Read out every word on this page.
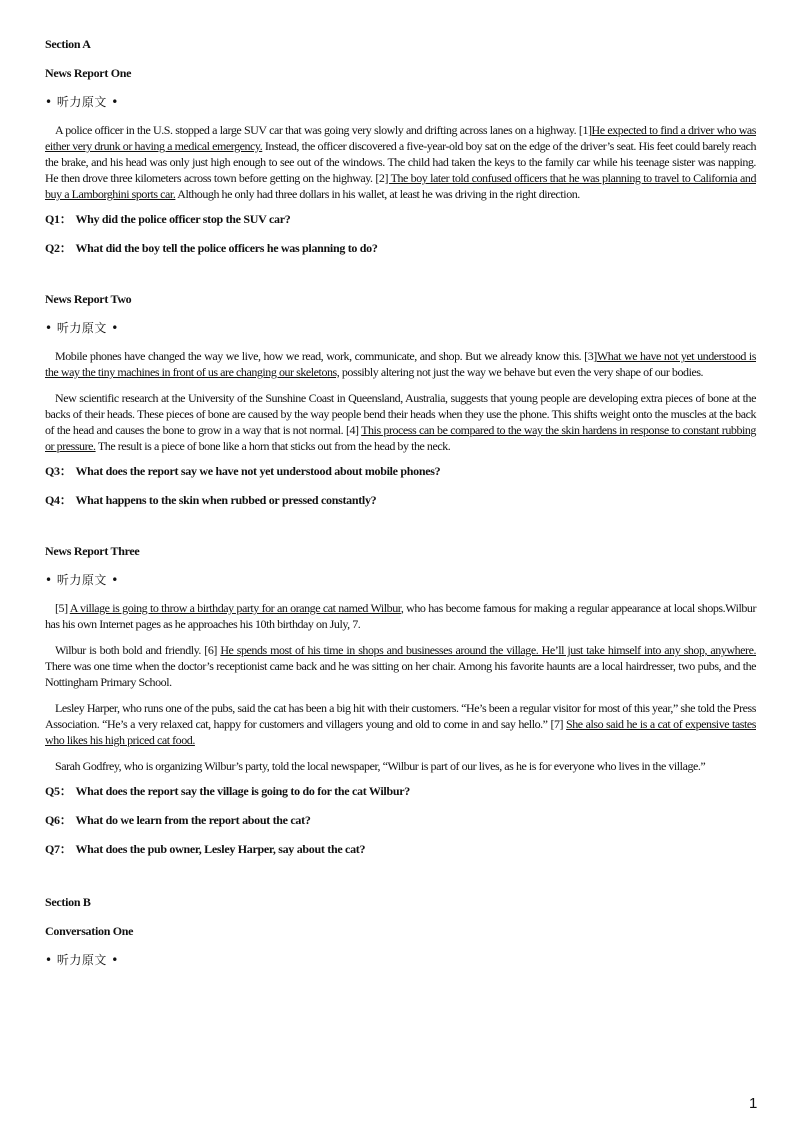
Section A
News Report One
• 听力原文 •

A police officer in the U.S. stopped a large SUV car that was going very slowly and drifting across lanes on a highway. [1]He expected to find a driver who was either very drunk or having a medical emergency. Instead, the officer discovered a five-year-old boy sat on the edge of the driver’s seat. His feet could barely reach the brake, and his head was only just high enough to see out of the windows. The child had taken the keys to the family car while his teenage sister was napping. He then drove three kilometers across town before getting on the highway. [2] The boy later told confused officers that he was planning to travel to California and buy a Lamborghini sports car. Although he only had three dollars in his wallet, at least he was driving in the right direction.

Q1： Why did the police officer stop the SUV car?
Q2： What did the boy tell the police officers he was planning to do?
News Report Two
• 听力原文 •

Mobile phones have changed the way we live, how we read, work, communicate, and shop. But we already know this. [3]What we have not yet understood is the way the tiny machines in front of us are changing our skeletons, possibly altering not just the way we behave but even the very shape of our bodies.

New scientific research at the University of the Sunshine Coast in Queensland, Australia, suggests that young people are developing extra pieces of bone at the backs of their heads. These pieces of bone are caused by the way people bend their heads when they use the phone. This shifts weight onto the muscles at the back of the head and causes the bone to grow in a way that is not normal. [4] This process can be compared to the way the skin hardens in response to constant rubbing or pressure. The result is a piece of bone like a horn that sticks out from the head by the neck.

Q3： What does the report say we have not yet understood about mobile phones?
Q4： What happens to the skin when rubbed or pressed constantly?
News Report Three
• 听力原文 •

[5] A village is going to throw a birthday party for an orange cat named Wilbur, who has become famous for making a regular appearance at local shops.Wilbur has his own Internet pages as he approaches his 10th birthday on July, 7.

Wilbur is both bold and friendly. [6] He spends most of his time in shops and businesses around the village. He’ll just take himself into any shop, anywhere. There was one time when the doctor’s receptionist came back and he was sitting on her chair. Among his favorite haunts are a local hairdresser, two pubs, and the Nottingham Primary School.

Lesley Harper, who runs one of the pubs, said the cat has been a big hit with their customers. “He’s been a regular visitor for most of this year,” she told the Press Association. “He’s a very relaxed cat, happy for customers and villagers young and old to come in and say hello.” [7] She also said he is a cat of expensive tastes who likes his high priced cat food.

Sarah Godfrey, who is organizing Wilbur’s party, told the local newspaper, “Wilbur is part of our lives, as he is for everyone who lives in the village.”

Q5： What does the report say the village is going to do for the cat Wilbur?
Q6： What do we learn from the report about the cat?
Q7： What does the pub owner, Lesley Harper, say about the cat?
Section B
Conversation One
• 听力原文 •
1
